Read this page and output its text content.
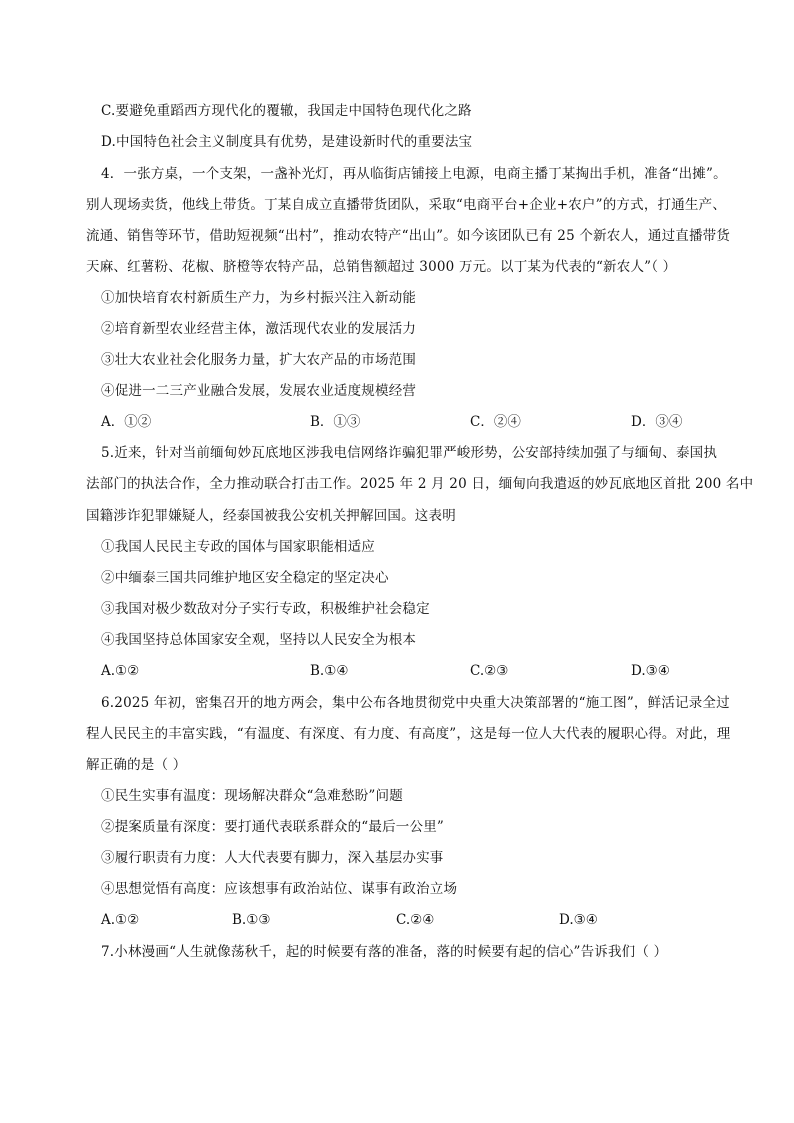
C.要避免重蹈西方现代化的覆辙，我国走中国特色现代化之路
D.中国特色社会主义制度具有优势，是建设新时代的重要法宝
4．一张方桌，一个支架，一盏补光灯，再从临街店铺接上电源，电商主播丁某掏出手机，准备“出摊”。
别人现场卖货，他线上带货。丁某自成立直播带货团队，采取“电商平台+企业+农户”的方式，打通生产、
流通、销售等环节，借助短视频“出村”，推动农特产“出山”。如今该团队已有 25 个新农人，通过直播带货
天麻、红薯粉、花椒、脐橙等农特产品，总销售额超过 3000 万元。以丁某为代表的“新农人”（ ）
①加快培育农村新质生产力，为乡村振兴注入新动能
②培育新型农业经营主体，激活现代农业的发展活力
③壮大农业社会化服务力量，扩大农产品的市场范围
④促进一二三产业融合发展，发展农业适度规模经营
A．①②	B．①③	C．②④	D．③④
5.近来，针对当前缅甸妙瓦底地区涉我电信网络诈骗犯罪严峻形势，公安部持续加强了与缅甸、泰国执
法部门的执法合作，全力推动联合打击工作。2025 年 2 月 20 日，缅甸向我遣返的妙瓦底地区首批 200 名中
国籍涉诈犯罪嫌疑人，经泰国被我公安机关押解回国。这表明
①我国人民民主专政的国体与国家职能相适应
②中缅泰三国共同维护地区安全稳定的坚定决心
③我国对极少数敌对分子实行专政，积极维护社会稳定
④我国坚持总体国家安全观，坚持以人民安全为根本
A.①②	B.①④	C.②③	D.③④
6.2025 年初，密集召开的地方两会，集中公布各地贯彻党中央重大决策部署的“施工图”，鲜活记录全过
程人民民主的丰富实践，“有温度、有深度、有力度、有高度”，这是每一位人大代表的履职心得。对此，理
解正确的是（ ）
①民生实事有温度：现场解决群众“急难愁盼”问题
②提案质量有深度：要打通代表联系群众的“最后一公里”
③履行职责有力度：人大代表要有脚力，深入基层办实事
④思想觉悟有高度：应该想事有政治站位、谋事有政治立场
A.①②	B.①③	C.②④	D.③④
7.小林漫画“人生就像荡秋千，起的时候要有落的准备，落的时候要有起的信心”告诉我们（ ）
